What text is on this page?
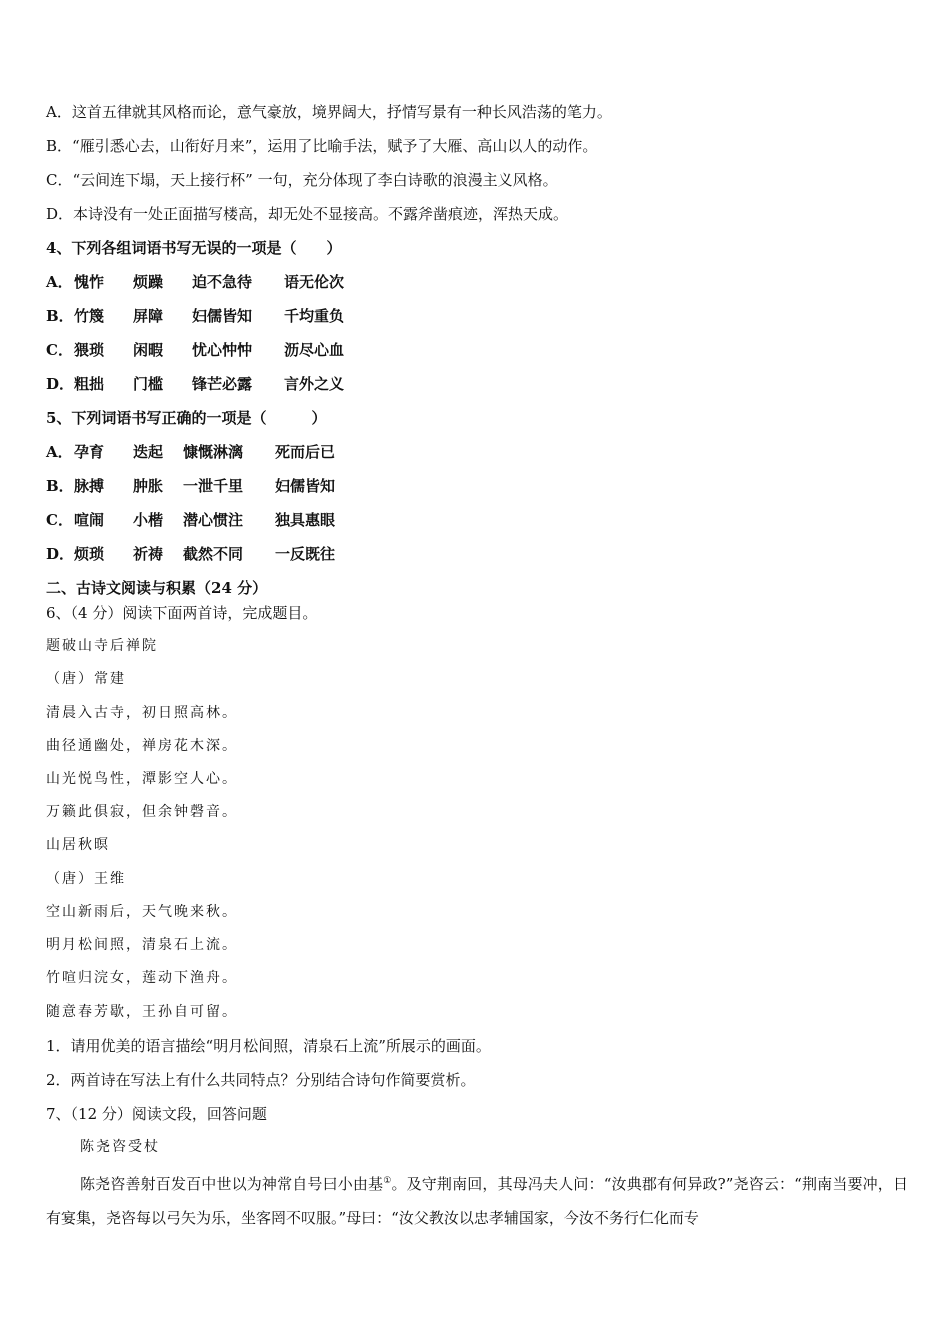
A．这首五律就其风格而论，意气豪放，境界阔大，抒情写景有一种长风浩荡的笔力。
B．“雁引悉心去，山衔好月来”，运用了比喻手法，赋予了大雁、高山以人的动作。
C．“云间连下塌，天上接行杯” 一句，充分体现了李白诗歌的浪漫主义风格。
D．本诗没有一处正面描写楼高，却无处不显接高。不露斧凿痕迹，浑热天成。
4、下列各组词语书写无误的一项是（　　）
A． 愧怍 烦躁 迫不急待 语无伦次
B． 竹篾 屏障 妇儒皆知 千均重负
C． 猥琐 闲暇 忧心忡忡 沥尽心血
D． 粗拙 门槛 锋芒必露 言外之义
5、下列词语书写正确的一项是（　　　）
A． 孕育 迭起 慷慨淋漓 死而后已
B． 脉搏 肿胀 一泄千里 妇儒皆知
C． 喧闹 小楷 潜心惯注 独具惠眼
D． 烦琐 祈祷 截然不同 一反既往
二、古诗文阅读与积累（24 分）
6、（4 分）阅读下面两首诗，完成题目。
题破山寺后禅院
（唐）常建
清晨入古寺，初日照高林。
曲径通幽处，禅房花木深。
山光悦鸟性，潭影空人心。
万籁此俱寂，但余钟磬音。
山居秋暝
（唐）王维
空山新雨后，天气晚来秋。
明月松间照，清泉石上流。
竹喧归浣女，莲动下渔舟。
随意春芳歇，王孙自可留。
1．请用优美的语言描绘“明月松间照，清泉石上流”所展示的画面。
2．两首诗在写法上有什么共同特点？分别结合诗句作简要赏析。
7、（12 分）阅读文段，回答问题
陈尧咨受杖
陈尧咨善射百发百中世以为神常自号曰小由基①。及守荆南回，其母冯夫人问：“汝典郡有何异政?”尧咨云：“荆南当要冲，日有宴集，尧咨每以弓矢为乐，坐客罔不叹服。”母曰：“汝父教汝以忠孝辅国家，今汝不务行仁化而专
